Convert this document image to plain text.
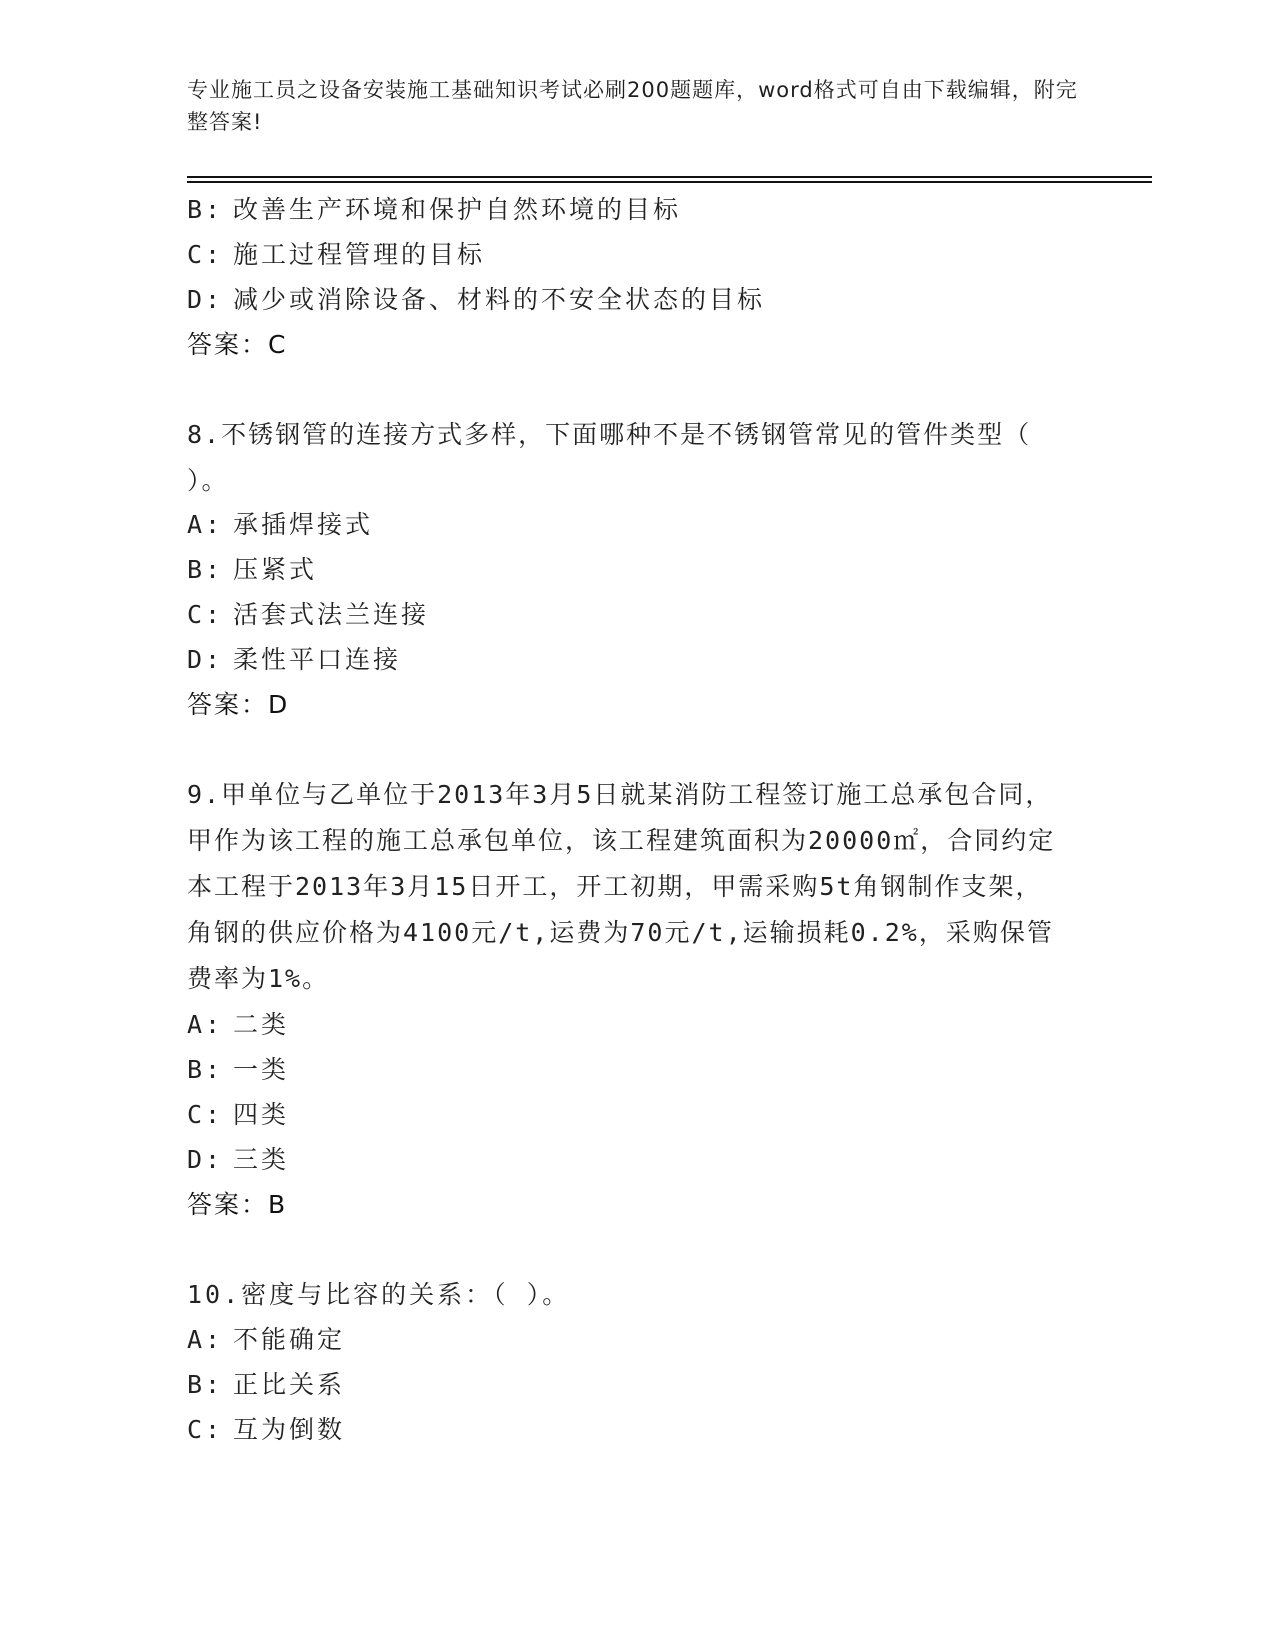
专业施工员之设备安装施工基础知识考试必刷200题题库，word格式可自由下载编辑，附完整答案!
B: 改善生产环境和保护自然环境的目标
C: 施工过程管理的目标
D: 减少或消除设备、材料的不安全状态的目标
答案：C
8.不锈钢管的连接方式多样，下面哪种不是不锈钢管常见的管件类型（ ）。
A: 承插焊接式
B: 压紧式
C: 活套式法兰连接
D: 柔性平口连接
答案：D
9.甲单位与乙单位于2013年3月5日就某消防工程签订施工总承包合同，甲作为该工程的施工总承包单位，该工程建筑面积为20000㎡，合同约定本工程于2013年3月15日开工，开工初期，甲需采购5t角钢制作支架，角钢的供应价格为4100元/t,运费为70元/t,运输损耗0.2%，采购保管费率为1%。
A: 二类
B: 一类
C: 四类
D: 三类
答案：B
10.密度与比容的关系：（ ）。
A: 不能确定
B: 正比关系
C: 互为倒数
